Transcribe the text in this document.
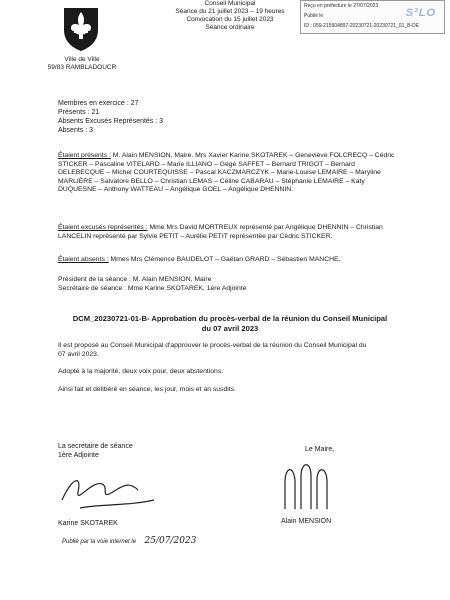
Ville de Ville
59/83 RAMBLADOUCR
Conseil Municipal
Séance du 21 juillet 2023 – 19 heures
Convocation du 15 juillet 2023
Séance ordinaire
Reçu en préfecture le 27/07/2023
Publié le
ID : 059-215904897-20230721-20230721_01_B-DE
S²LO
Membres en exercice : 27
Présents : 21
Absents Excusés Représentés : 3
Absents : 3
Étaient présents : M. Alain MENSION, Maire. Mrs Xavier Karine SKOTAREK – Geneviève FOLCRECQ – Cédric STICKER – Pascaline VITELARD – Marie ILLIANO – Gégé SAFFET – Bernard TRIGOT – Bernard DELEBECQUE – Michel COURTEQUISSE – Pascal KACZMARCZYK – Marie-Louise LEMAIRE – Maryline MARLIÈRE – Salvatore BELLO – Christian LEMAS – Céline CABARAU – Stéphanie LEMAIRE – Katy DUQUESNE – Anthony WATTEAU – Angélique GOEL – Angélique DHENNIN.
Étaient excusés représentés : Mme Mrs David MORTREUX représenté par Angélique DHENNIN – Christian LANCELIN représenté par Sylvie PETIT – Aurélie PETIT représentée par Cédric STICKER.
Étaient absents : Mmes Mrs Clémence BAUDELOT – Gaëtan GRARD – Sébastien MANCHE.
Président de la séance : M. Alain MENSION, Maire
Secrétaire de séance : Mme Karine SKOTAREK, 1ère Adjointe
DCM_20230721-01-B- Approbation du procès-verbal de la réunion du Conseil Municipal
du 07 avril 2023
Il est proposé au Conseil Municipal d'approuver le procès-verbal de la réunion du Conseil Municipal du
07 avril 2023.
Adopté à la majorité, deux voix pour, deux abstentions.
Ainsi fait et délibéré en séance, les jour, mois et an susdits.
La secrétaire de séance
1ère Adjointe
Karine SKOTAREK
Le Maire,
Alain MENSION
Publié par la voie internet le 25/07/2023
